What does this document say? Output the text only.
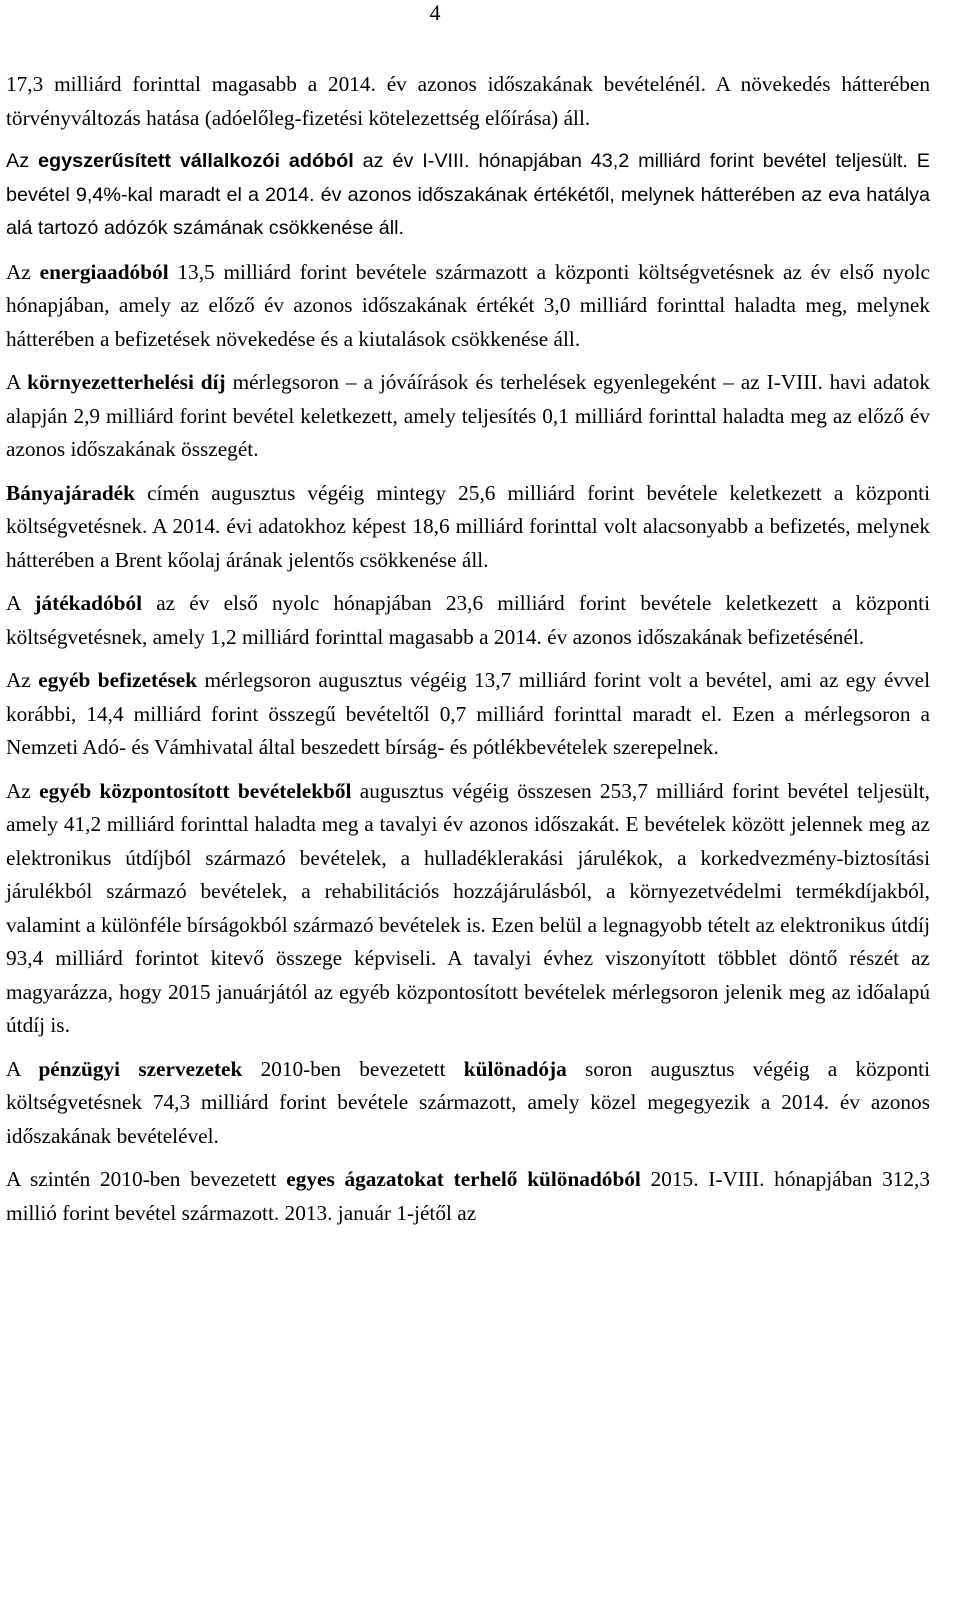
4

17,3 milliárd forinttal magasabb a 2014. év azonos időszakának bevételénél. A növekedés hátterében törvényváltozás hatása (adóelőleg-fizetési kötelezettség előírása) áll.

Az egyszerűsített vállalkozói adóból az év I-VIII. hónapjában 43,2 milliárd forint bevétel teljesült. E bevétel 9,4%-kal maradt el a 2014. év azonos időszakának értékétől, melynek hátterében az eva hatálya alá tartozó adózók számának csökkenése áll.

Az energiaadóból 13,5 milliárd forint bevétele származott a központi költségvetésnek az év első nyolc hónapjában, amely az előző év azonos időszakának értékét 3,0 milliárd forinttal haladta meg, melynek hátterében a befizetések növekedése és a kiutalások csökkenése áll.

A környezetterhelési díj mérlegsoron – a jóváírások és terhelések egyenlegeként – az I-VIII. havi adatok alapján 2,9 milliárd forint bevétel keletkezett, amely teljesítés 0,1 milliárd forinttal haladta meg az előző év azonos időszakának összegét.

Bányajáradék címén augusztus végéig mintegy 25,6 milliárd forint bevétele keletkezett a központi költségvetésnek. A 2014. évi adatokhoz képest 18,6 milliárd forinttal volt alacsonyabb a befizetés, melynek hátterében a Brent kőolaj árának jelentős csökkenése áll.

A játékadóból az év első nyolc hónapjában 23,6 milliárd forint bevétele keletkezett a központi költségvetésnek, amely 1,2 milliárd forinttal magasabb a 2014. év azonos időszakának befizetésénél.

Az egyéb befizetések mérlegsoron augusztus végéig 13,7 milliárd forint volt a bevétel, ami az egy évvel korábbi, 14,4 milliárd forint összegű bevételtől 0,7 milliárd forinttal maradt el. Ezen a mérlegsoron a Nemzeti Adó- és Vámhivatal által beszedett bírság- és pótlékbevételek szerepelnek.

Az egyéb központosított bevételekből augusztus végéig összesen 253,7 milliárd forint bevétel teljesült, amely 41,2 milliárd forinttal haladta meg a tavalyi év azonos időszakát. E bevételek között jelennek meg az elektronikus útdíjból származó bevételek, a hulladéklerakási járulékok, a korkedvezmény-biztosítási járulékból származó bevételek, a rehabilitációs hozzájárulásból, a környezetvédelmi termékdíjakból, valamint a különféle bírságokból származó bevételek is. Ezen belül a legnagyobb tételt az elektronikus útdíj 93,4 milliárd forintot kitevő összege képviseli. A tavalyi évhez viszonyított többlet döntő részét az magyarázza, hogy 2015 januárjától az egyéb központosított bevételek mérlegsoron jelenik meg az időalapú útdíj is.

A pénzügyi szervezetek 2010-ben bevezetett különadója soron augusztus végéig a központi költségvetésnek 74,3 milliárd forint bevétele származott, amely közel megegyezik a 2014. év azonos időszakának bevételével.

A szintén 2010-ben bevezetett egyes ágazatokat terhelő különadóból 2015. I-VIII. hónapjában 312,3 millió forint bevétel származott. 2013. január 1-jétől az
